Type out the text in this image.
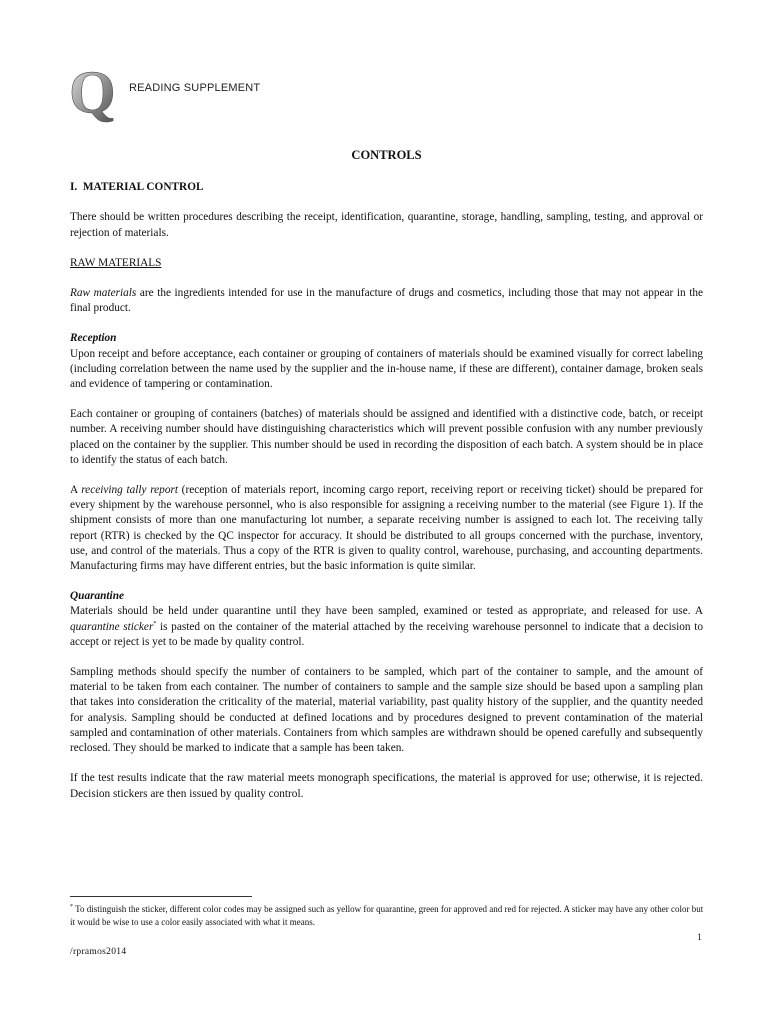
Q READING SUPPLEMENT
CONTROLS
I. MATERIAL CONTROL

There should be written procedures describing the receipt, identification, quarantine, storage, handling, sampling, testing, and approval or rejection of materials.

RAW MATERIALS

Raw materials are the ingredients intended for use in the manufacture of drugs and cosmetics, including those that may not appear in the final product.

Reception

Upon receipt and before acceptance, each container or grouping of containers of materials should be examined visually for correct labeling (including correlation between the name used by the supplier and the in-house name, if these are different), container damage, broken seals and evidence of tampering or contamination.

Each container or grouping of containers (batches) of materials should be assigned and identified with a distinctive code, batch, or receipt number. A receiving number should have distinguishing characteristics which will prevent possible confusion with any number previously placed on the container by the supplier. This number should be used in recording the disposition of each batch. A system should be in place to identify the status of each batch.

A receiving tally report (reception of materials report, incoming cargo report, receiving report or receiving ticket) should be prepared for every shipment by the warehouse personnel, who is also responsible for assigning a receiving number to the material (see Figure 1). If the shipment consists of more than one manufacturing lot number, a separate receiving number is assigned to each lot. The receiving tally report (RTR) is checked by the QC inspector for accuracy. It should be distributed to all groups concerned with the purchase, inventory, use, and control of the materials. Thus a copy of the RTR is given to quality control, warehouse, purchasing, and accounting departments. Manufacturing firms may have different entries, but the basic information is quite similar.

Quarantine

Materials should be held under quarantine until they have been sampled, examined or tested as appropriate, and released for use. A quarantine sticker* is pasted on the container of the material attached by the receiving warehouse personnel to indicate that a decision to accept or reject is yet to be made by quality control.

Sampling methods should specify the number of containers to be sampled, which part of the container to sample, and the amount of material to be taken from each container. The number of containers to sample and the sample size should be based upon a sampling plan that takes into consideration the criticality of the material, material variability, past quality history of the supplier, and the quantity needed for analysis. Sampling should be conducted at defined locations and by procedures designed to prevent contamination of the material sampled and contamination of other materials. Containers from which samples are withdrawn should be opened carefully and subsequently reclosed. They should be marked to indicate that a sample has been taken.

If the test results indicate that the raw material meets monograph specifications, the material is approved for use; otherwise, it is rejected. Decision stickers are then issued by quality control.

* To distinguish the sticker, different color codes may be assigned such as yellow for quarantine, green for approved and red for rejected. A sticker may have any other color but it would be wise to use a color easily associated with what it means.
1
/rpramos2014
